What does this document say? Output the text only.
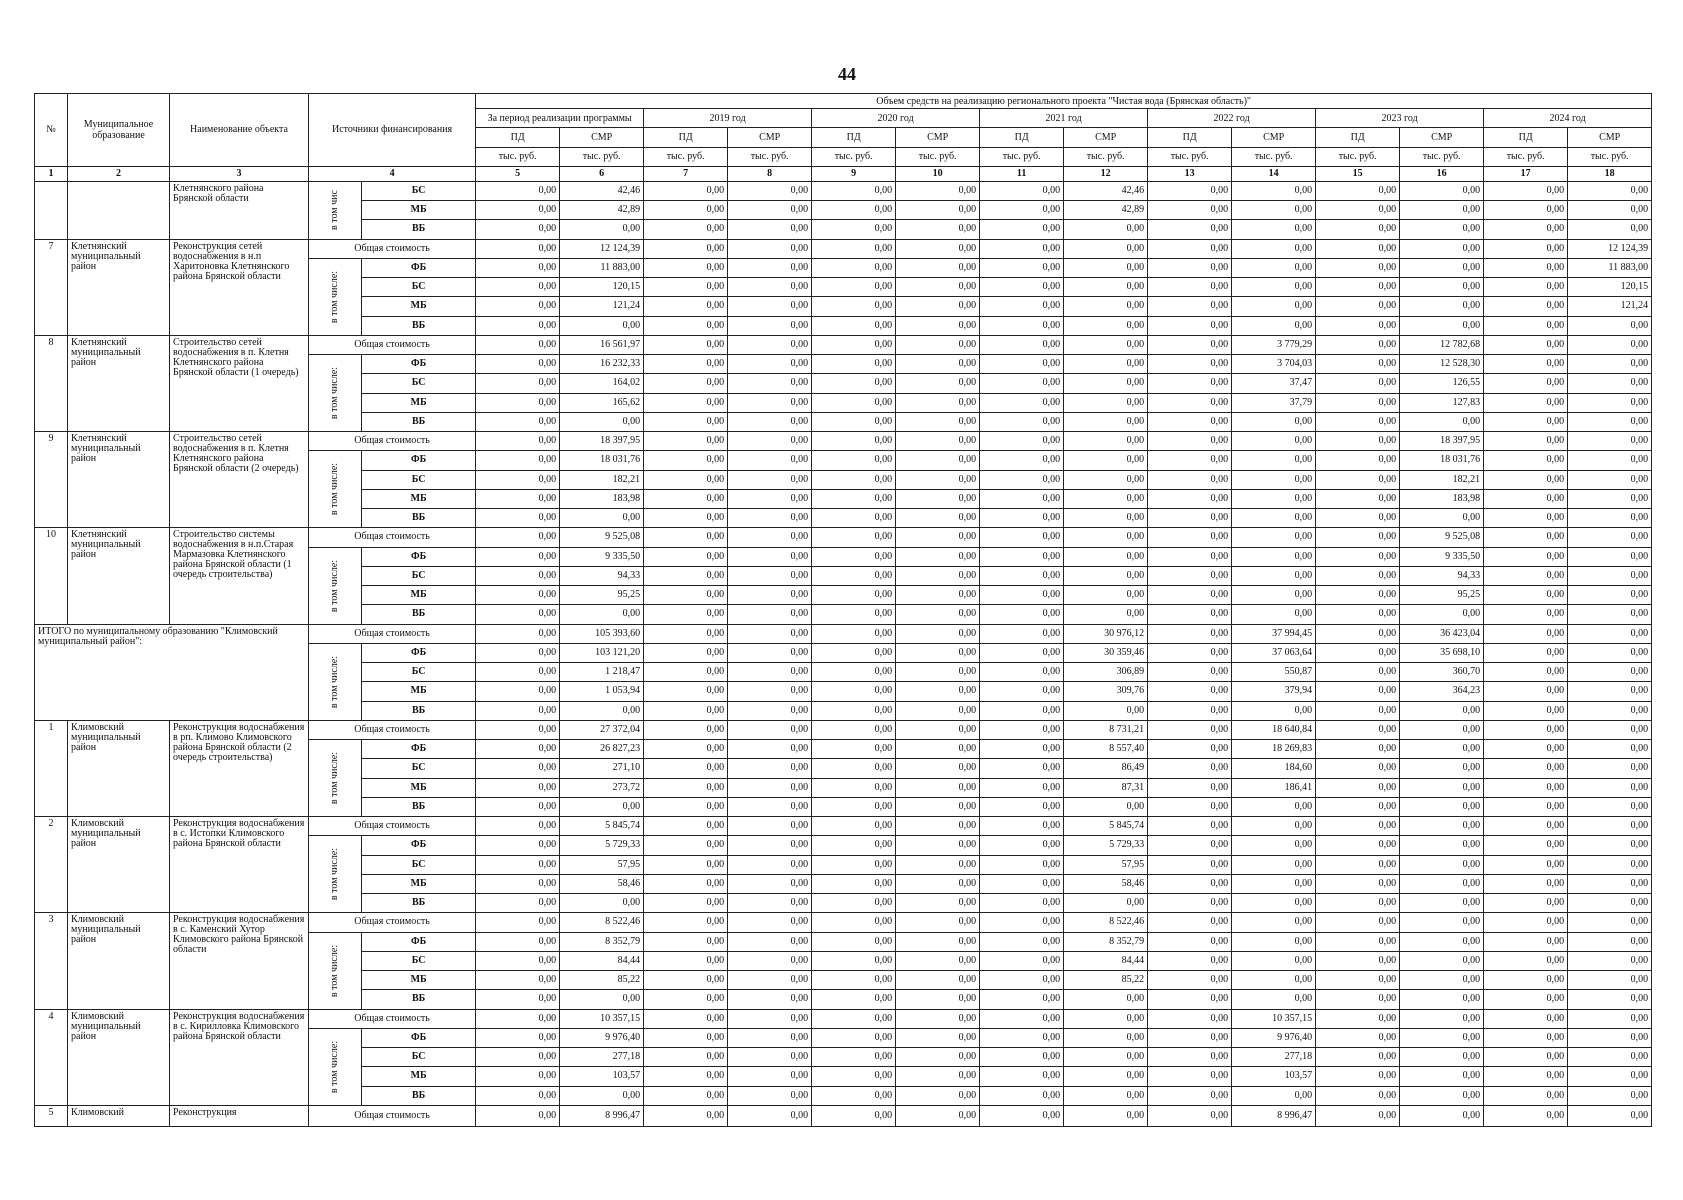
44
№	Муниципальное образование	Наименование объекта	Источники финансирования		Объем средств на реализацию регионального проекта "Чистая вода (Брянская область)"													
					За период реализации программы		2019 год		2020 год		2021 год		2022 год		2023 год		2024 год	
					ПД	СМР	ПД	СМР	ПД	СМР	ПД	СМР	ПД	СМР	ПД	СМР	ПД	СМР
					тыс. руб.	тыс. руб.	тыс. руб.	тыс. руб.	тыс. руб.	тыс. руб.	тыс. руб.	тыс. руб.	тыс. руб.	тыс. руб.	тыс. руб.	тыс. руб.	тыс. руб.	тыс. руб.
1	2	3	4		5	6	7	8	9	10	11	12	13	14	15	16	17	18
		Клетнянского района Брянской области	в том чис	БС	0,00	42,46	0,00	0,00	0,00	0,00	0,00	42,46	0,00	0,00	0,00	0,00	0,00	0,00
				МБ	0,00	42,89	0,00	0,00	0,00	0,00	0,00	42,89	0,00	0,00	0,00	0,00	0,00	0,00
				ВБ	0,00	0,00	0,00	0,00	0,00	0,00	0,00	0,00	0,00	0,00	0,00	0,00	0,00	0,00
7	Клетнянский муниципальный район	Реконструкция сетей водоснабжения в н.п Харитоновка Клетнянского района Брянской области	Общая стоимость		0,00	12 124,39	0,00	0,00	0,00	0,00	0,00	0,00	0,00	0,00	0,00	0,00	0,00	12 124,39
			в том числе:	ФБ	0,00	11 883,00	0,00	0,00	0,00	0,00	0,00	0,00	0,00	0,00	0,00	0,00	0,00	11 883,00
				БС	0,00	120,15	0,00	0,00	0,00	0,00	0,00	0,00	0,00	0,00	0,00	0,00	0,00	120,15
				МБ	0,00	121,24	0,00	0,00	0,00	0,00	0,00	0,00	0,00	0,00	0,00	0,00	0,00	121,24
				ВБ	0,00	0,00	0,00	0,00	0,00	0,00	0,00	0,00	0,00	0,00	0,00	0,00	0,00	0,00
8	Клетнянский муниципальный район	Строительство сетей водоснабжения в п. Клетня Клетнянского района Брянской области (1 очередь)	Общая стоимость		0,00	16 561,97	0,00	0,00	0,00	0,00	0,00	0,00	0,00	3 779,29	0,00	12 782,68	0,00	0,00
			в том числе:	ФБ	0,00	16 232,33	0,00	0,00	0,00	0,00	0,00	0,00	0,00	3 704,03	0,00	12 528,30	0,00	0,00
				БС	0,00	164,02	0,00	0,00	0,00	0,00	0,00	0,00	0,00	37,47	0,00	126,55	0,00	0,00
				МБ	0,00	165,62	0,00	0,00	0,00	0,00	0,00	0,00	0,00	37,79	0,00	127,83	0,00	0,00
				ВБ	0,00	0,00	0,00	0,00	0,00	0,00	0,00	0,00	0,00	0,00	0,00	0,00	0,00	0,00
9	Клетнянский муниципальный район	Строительство сетей водоснабжения в п. Клетня Клетнянского района Брянской области (2 очередь)	Общая стоимость		0,00	18 397,95	0,00	0,00	0,00	0,00	0,00	0,00	0,00	0,00	0,00	18 397,95	0,00	0,00
			в том числе:	ФБ	0,00	18 031,76	0,00	0,00	0,00	0,00	0,00	0,00	0,00	0,00	0,00	18 031,76	0,00	0,00
				БС	0,00	182,21	0,00	0,00	0,00	0,00	0,00	0,00	0,00	0,00	0,00	182,21	0,00	0,00
				МБ	0,00	183,98	0,00	0,00	0,00	0,00	0,00	0,00	0,00	0,00	0,00	183,98	0,00	0,00
				ВБ	0,00	0,00	0,00	0,00	0,00	0,00	0,00	0,00	0,00	0,00	0,00	0,00	0,00	0,00
10	Клетнянский муниципальный район	Строительство системы водоснабжения в н.п.Старая Мармазовка Клетнянского района Брянской области (1 очередь строительства)	Общая стоимость		0,00	9 525,08	0,00	0,00	0,00	0,00	0,00	0,00	0,00	0,00	0,00	9 525,08	0,00	0,00
			в том числе:	ФБ	0,00	9 335,50	0,00	0,00	0,00	0,00	0,00	0,00	0,00	0,00	0,00	9 335,50	0,00	0,00
				БС	0,00	94,33	0,00	0,00	0,00	0,00	0,00	0,00	0,00	0,00	0,00	94,33	0,00	0,00
				МБ	0,00	95,25	0,00	0,00	0,00	0,00	0,00	0,00	0,00	0,00	0,00	95,25	0,00	0,00
				ВБ	0,00	0,00	0,00	0,00	0,00	0,00	0,00	0,00	0,00	0,00	0,00	0,00	0,00	0,00
ИТОГО по муниципальному образованию "Климовский муниципальный район":			Общая стоимость		0,00	105 393,60	0,00	0,00	0,00	0,00	0,00	30 976,12	0,00	37 994,45	0,00	36 423,04	0,00	0,00
			в том числе:	ФБ	0,00	103 121,20	0,00	0,00	0,00	0,00	0,00	30 359,46	0,00	37 063,64	0,00	35 698,10	0,00	0,00
				БС	0,00	1 218,47	0,00	0,00	0,00	0,00	0,00	306,89	0,00	550,87	0,00	360,70	0,00	0,00
				МБ	0,00	1 053,94	0,00	0,00	0,00	0,00	0,00	309,76	0,00	379,94	0,00	364,23	0,00	0,00
				ВБ	0,00	0,00	0,00	0,00	0,00	0,00	0,00	0,00	0,00	0,00	0,00	0,00	0,00	0,00
1	Климовский муниципальный район	Реконструкция водоснабжения в рп. Климово Климовского района Брянской области (2 очередь строительства)	Общая стоимость		0,00	27 372,04	0,00	0,00	0,00	0,00	0,00	8 731,21	0,00	18 640,84	0,00	0,00	0,00	0,00
			в том числе:	ФБ	0,00	26 827,23	0,00	0,00	0,00	0,00	0,00	8 557,40	0,00	18 269,83	0,00	0,00	0,00	0,00
				БС	0,00	271,10	0,00	0,00	0,00	0,00	0,00	86,49	0,00	184,60	0,00	0,00	0,00	0,00
				МБ	0,00	273,72	0,00	0,00	0,00	0,00	0,00	87,31	0,00	186,41	0,00	0,00	0,00	0,00
				ВБ	0,00	0,00	0,00	0,00	0,00	0,00	0,00	0,00	0,00	0,00	0,00	0,00	0,00	0,00
2	Климовский муниципальный район	Реконструкция водоснабжения в с. Истопки Климовского района Брянской области	Общая стоимость		0,00	5 845,74	0,00	0,00	0,00	0,00	0,00	5 845,74	0,00	0,00	0,00	0,00	0,00	0,00
			в том числе:	ФБ	0,00	5 729,33	0,00	0,00	0,00	0,00	0,00	5 729,33	0,00	0,00	0,00	0,00	0,00	0,00
				БС	0,00	57,95	0,00	0,00	0,00	0,00	0,00	57,95	0,00	0,00	0,00	0,00	0,00	0,00
				МБ	0,00	58,46	0,00	0,00	0,00	0,00	0,00	58,46	0,00	0,00	0,00	0,00	0,00	0,00
				ВБ	0,00	0,00	0,00	0,00	0,00	0,00	0,00	0,00	0,00	0,00	0,00	0,00	0,00	0,00
3	Климовский муниципальный район	Реконструкция водоснабжения в с. Каменский Хутор Климовского района Брянской области	Общая стоимость		0,00	8 522,46	0,00	0,00	0,00	0,00	0,00	8 522,46	0,00	0,00	0,00	0,00	0,00	0,00
			в том числе:	ФБ	0,00	8 352,79	0,00	0,00	0,00	0,00	0,00	8 352,79	0,00	0,00	0,00	0,00	0,00	0,00
				БС	0,00	84,44	0,00	0,00	0,00	0,00	0,00	84,44	0,00	0,00	0,00	0,00	0,00	0,00
				МБ	0,00	85,22	0,00	0,00	0,00	0,00	0,00	85,22	0,00	0,00	0,00	0,00	0,00	0,00
				ВБ	0,00	0,00	0,00	0,00	0,00	0,00	0,00	0,00	0,00	0,00	0,00	0,00	0,00	0,00
4	Климовский муниципальный район	Реконструкция водоснабжения в с. Кирилловка Климовского района Брянской области	Общая стоимость		0,00	10 357,15	0,00	0,00	0,00	0,00	0,00	0,00	0,00	10 357,15	0,00	0,00	0,00	0,00
			в том числе:	ФБ	0,00	9 976,40	0,00	0,00	0,00	0,00	0,00	0,00	0,00	9 976,40	0,00	0,00	0,00	0,00
				БС	0,00	277,18	0,00	0,00	0,00	0,00	0,00	0,00	0,00	277,18	0,00	0,00	0,00	0,00
				МБ	0,00	103,57	0,00	0,00	0,00	0,00	0,00	0,00	0,00	103,57	0,00	0,00	0,00	0,00
				ВБ	0,00	0,00	0,00	0,00	0,00	0,00	0,00	0,00	0,00	0,00	0,00	0,00	0,00	0,00
5	Климовский	Реконструкция	Общая стоимость		0,00	8 996,47	0,00	0,00	0,00	0,00	0,00	0,00	0,00	8 996,47	0,00	0,00	0,00	0,00
